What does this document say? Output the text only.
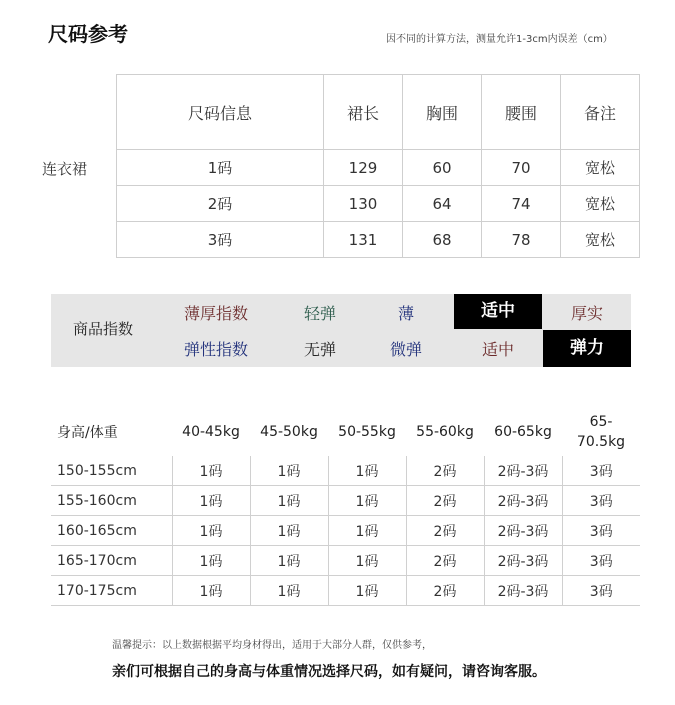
尺码参考	因不同的计算方法，测量允许1-3cm内误差（cm）
连衣裙
尺码信息	裙长	胸围	腰围	备注
1码	129	60	70	宽松
2码	130	64	74	宽松
3码	131	68	78	宽松
商品指数
薄厚指数	轻弹	薄	适中	厚实
弹性指数	无弹	微弹	适中	弹力
身高/体重	40-45kg	45-50kg	50-55kg	55-60kg	60-65kg	65-
70.5kg
150-155cm	1码	1码	1码	2码	2码-3码	3码
155-160cm	1码	1码	1码	2码	2码-3码	3码
160-165cm	1码	1码	1码	2码	2码-3码	3码
165-170cm	1码	1码	1码	2码	2码-3码	3码
170-175cm	1码	1码	1码	2码	2码-3码	3码
温馨提示：以上数据根据平均身材得出，适用于大部分人群，仅供参考，
亲们可根据自己的身高与体重情况选择尺码，如有疑问，请咨询客服。
